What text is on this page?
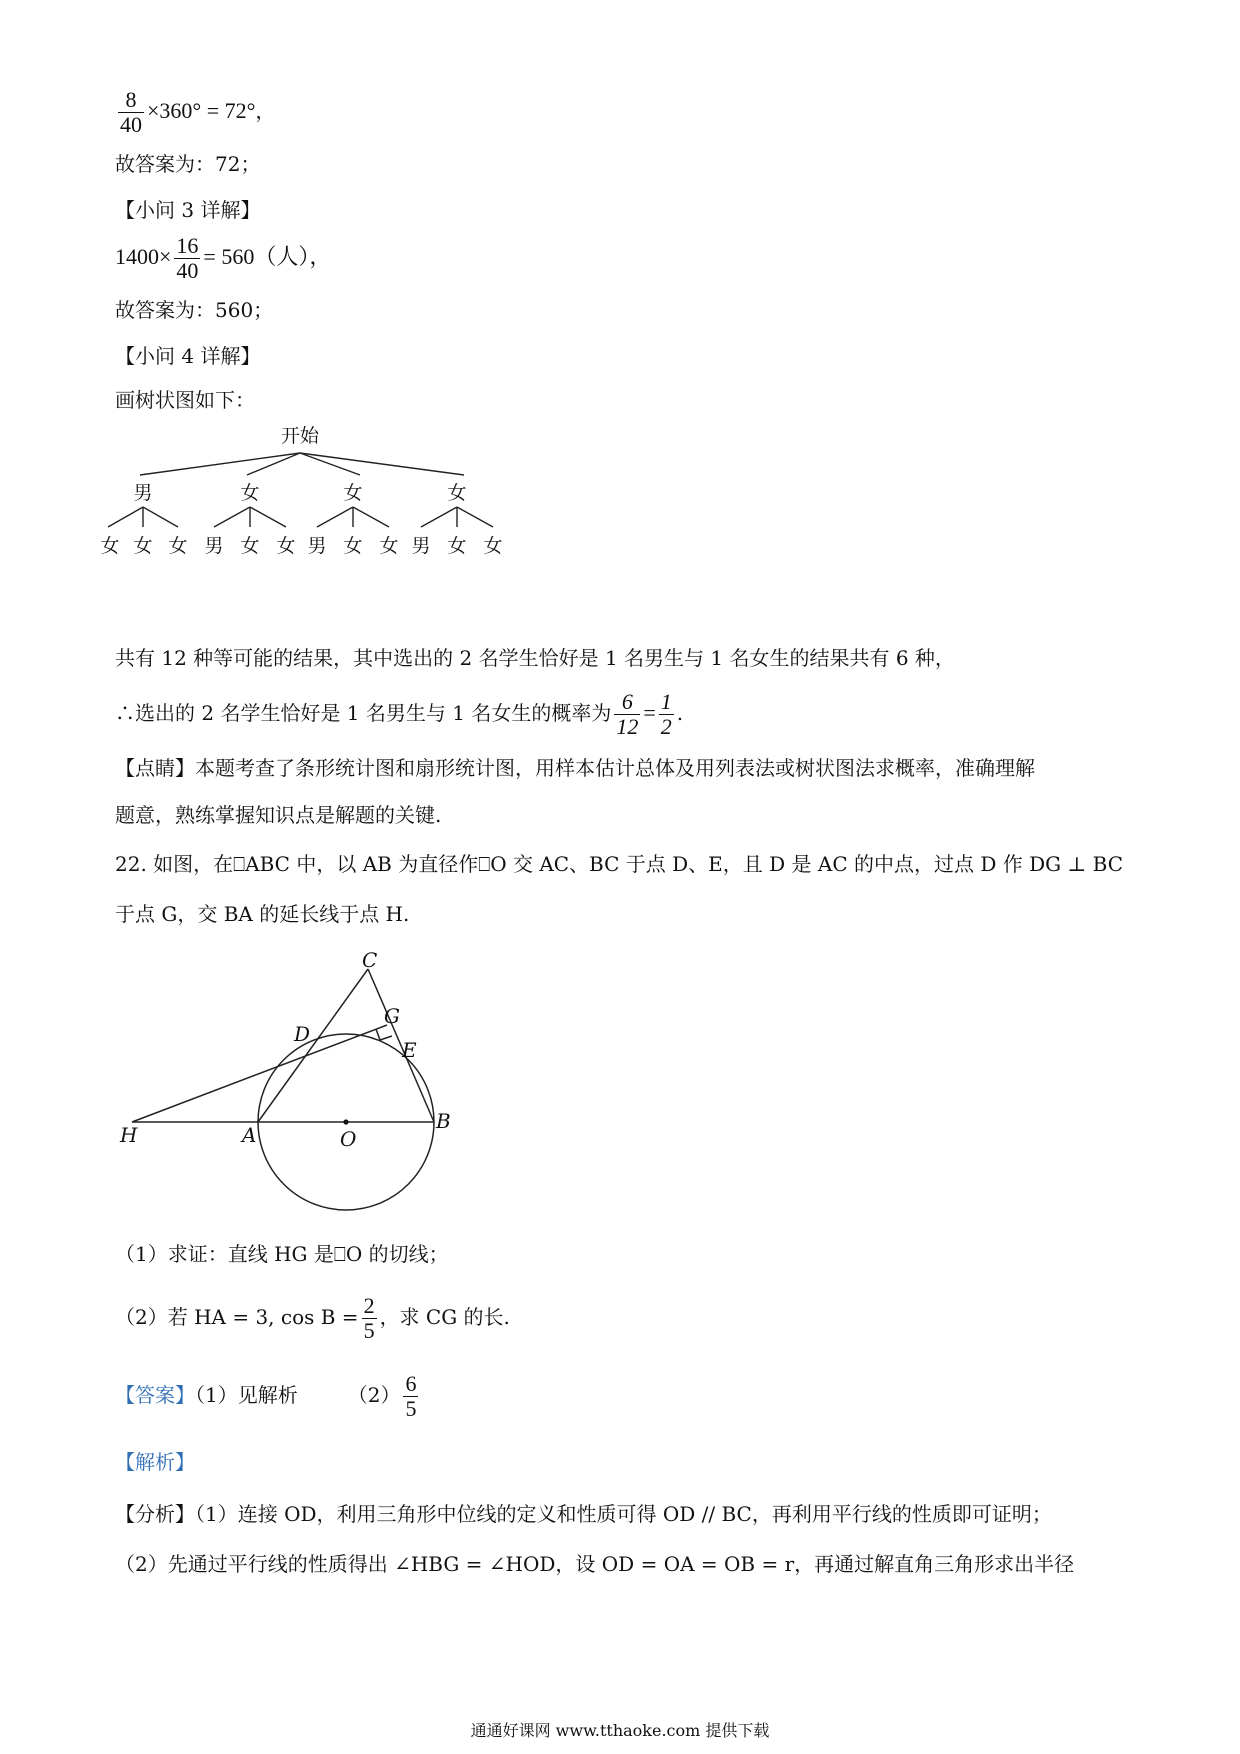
$\frac{8}{40} \times 360^\circ = 72^\circ$，
故答案为：72；
【小问 3 详解】
$1400\times \frac{16}{40} = 560$（人），
故答案为：560；
【小问 4 详解】
画树状图如下：
开始
男	女	女	女
女 女 女 男 女 女 男 女 女 男 女 女
共有 12 种等可能的结果，其中选出的 2 名学生恰好是 1 名男生与 1 名女生的结果共有 6 种，
∴选出的 2 名学生恰好是 1 名男生与 1 名女生的概率为 $\frac{6}{12} = \frac{1}{2}$ .
【点睛】本题考查了条形统计图和扇形统计图，用样本估计总体及用列表法或树状图法求概率，准确理解
题意，熟练掌握知识点是解题的关键.
22. 如图，在⎕ABC 中，以 AB 为直径作⎕O 交 AC、BC 于点 D、E，且 D 是 AC 的中点，过点 D 作 DG ⊥ BC
于点 G，交 BA 的延长线于点 H.
C
G
D
E
H	A	O
B
（1）求证：直线 HG 是⎕O 的切线；
（2）若 HA = 3, $\cos B = \frac{2}{5}$ ，求 CG 的长.
【答案】（1）见解析	$(2) \frac{6}{5}$
【解析】
【分析】（1）连接 OD，利用三角形中位线的定义和性质可得 OD // BC，再利用平行线的性质即可证明；
（2）先通过平行线的性质得出 ∠HBG = ∠HOD，设 OD = OA = OB = r，再通过解直角三角形求出半径
通通好课网 www.tthaoke.com 提供下载
